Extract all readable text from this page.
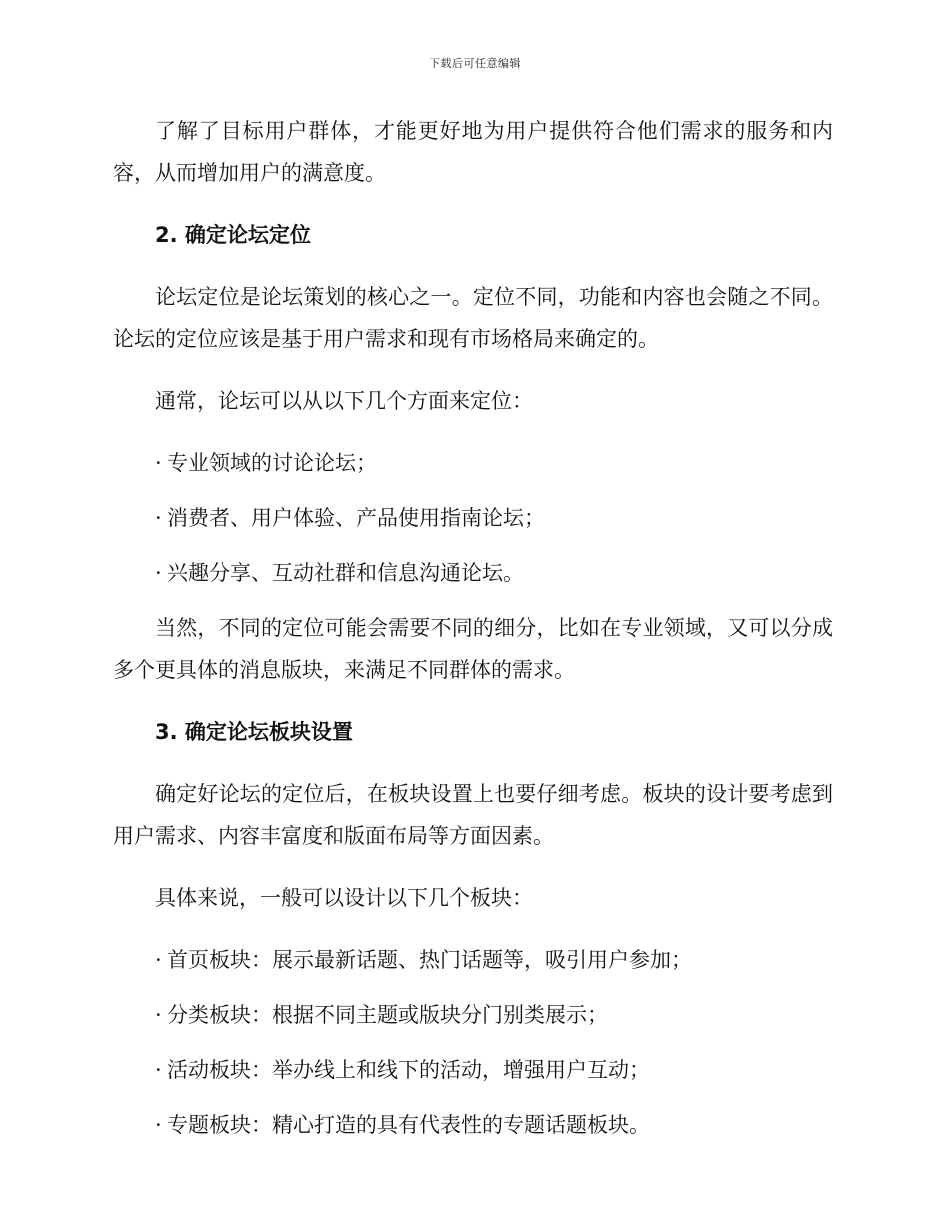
下载后可任意编辑

了解了目标用户群体，才能更好地为用户提供符合他们需求的服务和内容，从而增加用户的满意度。

2. 确定论坛定位

论坛定位是论坛策划的核心之一。定位不同，功能和内容也会随之不同。论坛的定位应该是基于用户需求和现有市场格局来确定的。

通常，论坛可以从以下几个方面来定位：

· 专业领域的讨论论坛；
· 消费者、用户体验、产品使用指南论坛；
· 兴趣分享、互动社群和信息沟通论坛。

当然，不同的定位可能会需要不同的细分，比如在专业领域，又可以分成多个更具体的消息版块，来满足不同群体的需求。

3. 确定论坛板块设置

确定好论坛的定位后，在板块设置上也要仔细考虑。板块的设计要考虑到用户需求、内容丰富度和版面布局等方面因素。

具体来说，一般可以设计以下几个板块：

· 首页板块：展示最新话题、热门话题等，吸引用户参加；
· 分类板块：根据不同主题或版块分门别类展示；
· 活动板块：举办线上和线下的活动，增强用户互动；
· 专题板块：精心打造的具有代表性的专题话题板块。
